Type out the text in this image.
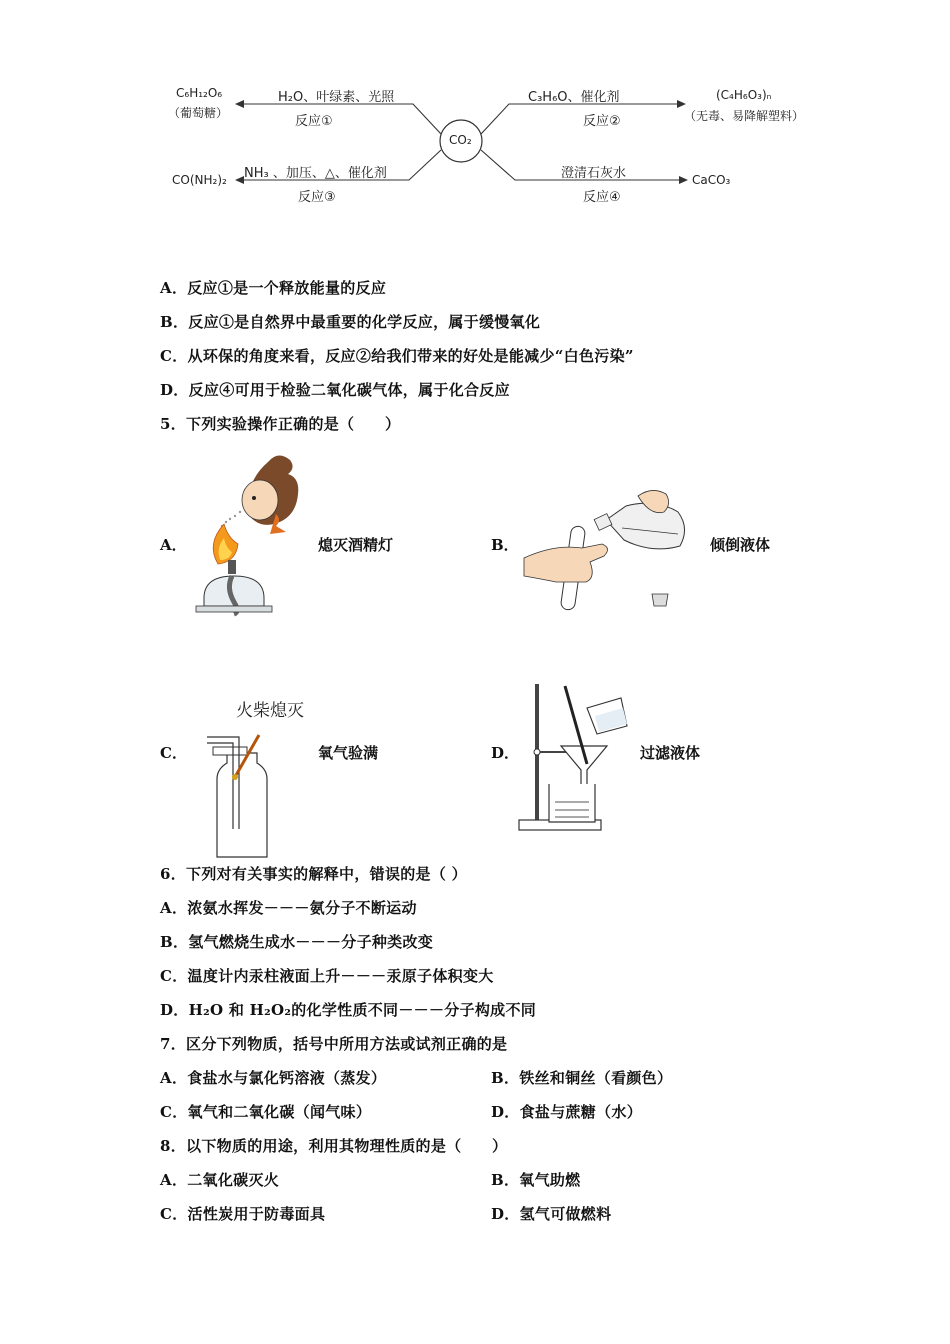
CO₂
C₆H₁₂O₆
（葡萄糖）
H₂O、叶绿素、光照
反应①
C₃H₆O、催化剂
反应②
(C₄H₆O₃)ₙ
（无毒、易降解塑料）
CO(NH₂)₂ NH₃ 、加压、△、催化剂
反应③
澄清石灰水
反应④
CaCO₃
A．反应①是一个释放能量的反应
B．反应①是自然界中最重要的化学反应，属于缓慢氧化
C．从环保的角度来看，反应②给我们带来的好处是能减少“白色污染”
D．反应④可用于检验二氧化碳气体，属于化合反应
5．下列实验操作正确的是（　　）
A．	熄灭酒精灯	B．	倾倒液体
火柴熄灭
C．	氧气验满	D．	过滤液体
6．下列对有关事实的解释中，错误的是（ ）
A．浓氨水挥发－－－氨分子不断运动
B．氢气燃烧生成水－－－分子种类改变
C．温度计内汞柱液面上升－－－汞原子体积变大
D．H₂O 和 H₂O₂的化学性质不同－－－分子构成不同
7．区分下列物质，括号中所用方法或试剂正确的是
A．食盐水与氯化钙溶液（蒸发）	B．铁丝和铜丝（看颜色）
C．氧气和二氧化碳（闻气味）	D．食盐与蔗糖（水）
8．以下物质的用途，利用其物理性质的是（　　）
A．二氧化碳灭火	B．氧气助燃
C．活性炭用于防毒面具	D．氢气可做燃料
